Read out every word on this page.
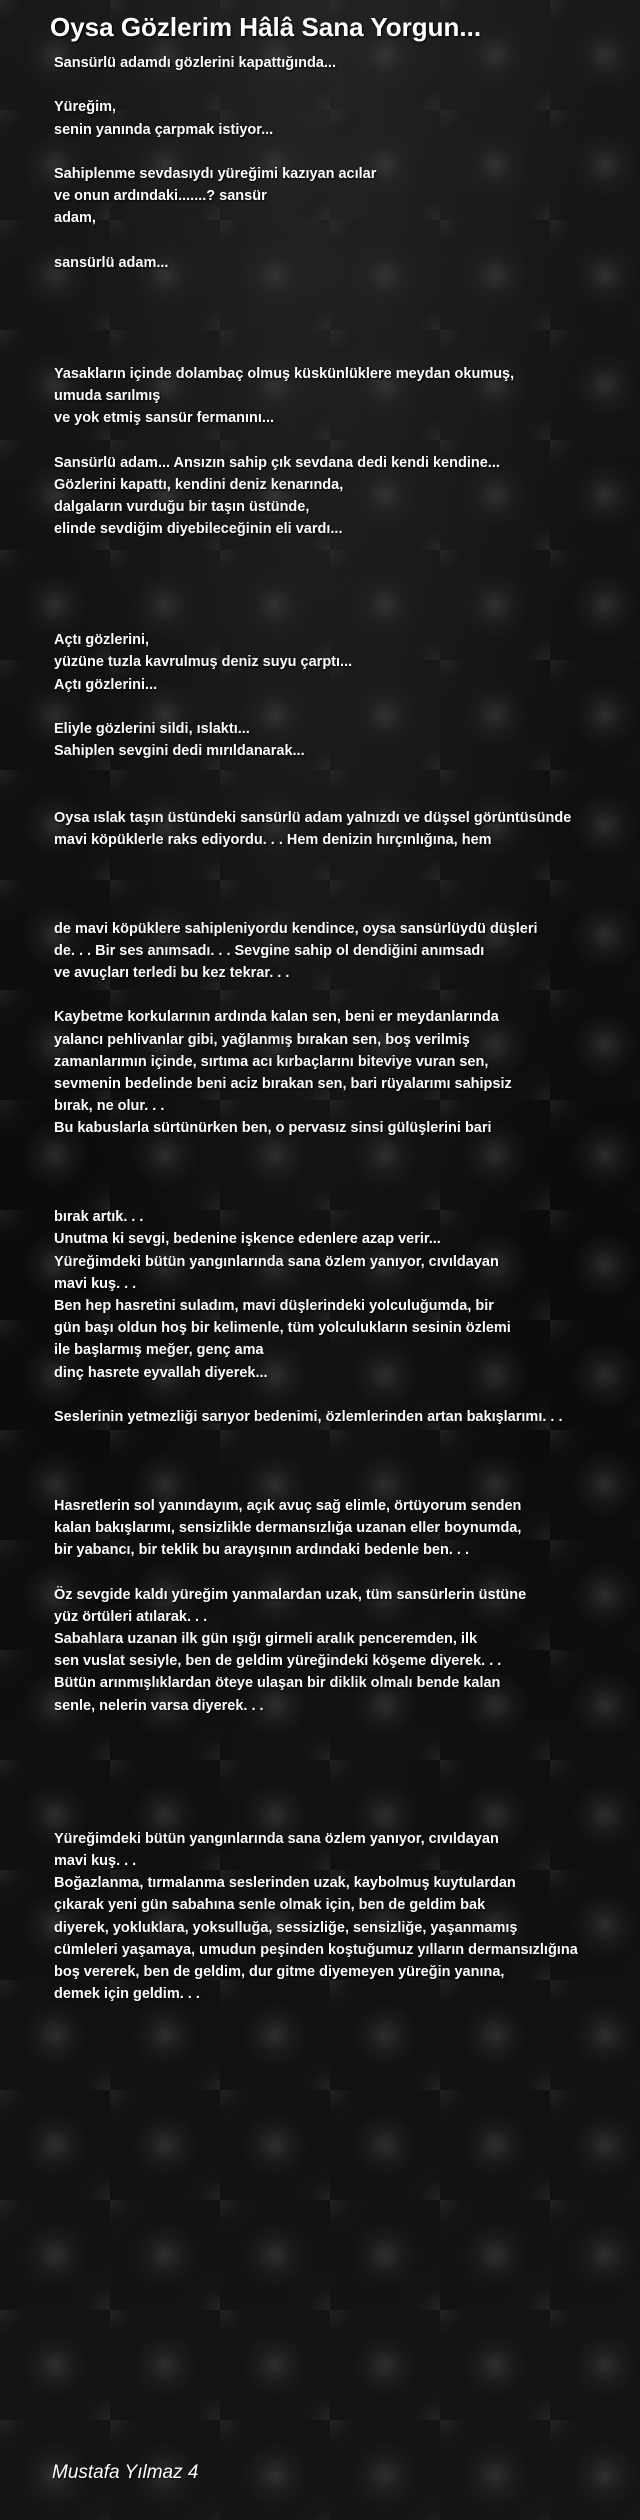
Oysa Gözlerim Hâlâ Sana Yorgun...
Sansürlü adamdı gözlerini kapattığında...
Yüreğim,
senin yanında çarpmak istiyor...
Sahiplenme sevdasıydı yüreğimi kazıyan acılar
ve onun ardındaki.......? sansür
adam,
sansürlü adam...
Yasakların içinde dolambaç olmuş küskünlüklere meydan okumuş,
umuda sarılmış
ve yok etmiş sansür fermanını...
Sansürlü adam... Ansızın sahip çık sevdana dedi kendi kendine...
Gözlerini kapattı, kendini deniz kenarında,
dalgaların vurduğu bir taşın üstünde,
elinde sevdiğim diyebileceğinin eli vardı...
Açtı gözlerini,
yüzüne tuzla kavrulmuş deniz suyu çarptı...
Açtı gözlerini...
Eliyle gözlerini sildi, ıslaktı...
Sahiplen sevgini dedi mırıldanarak...
Oysa ıslak taşın üstündeki sansürlü adam yalnızdı ve düşsel görüntüsünde
mavi köpüklerle raks ediyordu. . . Hem denizin hırçınlığına, hem
de mavi köpüklere sahipleniyordu kendince, oysa sansürlüydü düşleri
de. . . Bir ses anımsadı. . . Sevgine sahip ol dendiğini anımsadı
ve avuçları terledi bu kez tekrar. . .
Kaybetme korkularının ardında kalan sen, beni er meydanlarında
yalancı pehlivanlar gibi, yağlanmış bırakan sen, boş verilmiş
zamanlarımın içinde, sırtıma acı kırbaçlarını biteviye vuran sen,
sevmenin bedelinde beni aciz bırakan sen, bari rüyalarımı sahipsiz
bırak, ne olur. . .
Bu kabuslarla sürtünürken ben, o pervasız sinsi gülüşlerini bari
bırak artık. . .
Unutma ki sevgi, bedenine işkence edenlere azap verir...
Yüreğimdeki bütün yangınlarında sana özlem yanıyor, cıvıldayan
mavi kuş. . .
Ben hep hasretini suladım, mavi düşlerindeki yolculuğumda, bir
gün başı oldun hoş bir kelimenle, tüm yolculukların sesinin özlemi
ile başlarmış meğer, genç ama
dinç hasrete eyvallah diyerek...
Seslerinin yetmezliği sarıyor bedenimi, özlemlerinden artan bakışlarımı. . .
Hasretlerin sol yanındayım, açık avuç sağ elimle, örtüyorum senden
kalan bakışlarımı, sensizlikle dermansızlığa uzanan eller boynumda,
bir yabancı, bir teklik bu arayışının ardındaki bedenle ben. . .
Öz sevgide kaldı yüreğim yanmalardan uzak, tüm sansürlerin üstüne
yüz örtüleri atılarak. . .
Sabahlara uzanan ilk gün ışığı girmeli aralık penceremden, ilk
sen vuslat sesiyle, ben de geldim yüreğindeki köşeme diyerek. . .
Bütün arınmışlıklardan öteye ulaşan bir diklik olmalı bende kalan
senle, nelerin varsa diyerek. . .
Yüreğimdeki bütün yangınlarında sana özlem yanıyor, cıvıldayan
mavi kuş. . .
Boğazlanma, tırmalanma seslerinden uzak, kaybolmuş kuytulardan
çıkarak yeni gün sabahına senle olmak için, ben de geldim bak
diyerek, yokluklara, yoksulluğa, sessizliğe, sensizliğe, yaşanmamış
cümleleri yaşamaya, umudun peşinden koştuğumuz yılların dermansızlığına
boş vererek, ben de geldim, dur gitme diyemeyen yüreğin yanına,
demek için geldim. . .
Mustafa Yılmaz 4
